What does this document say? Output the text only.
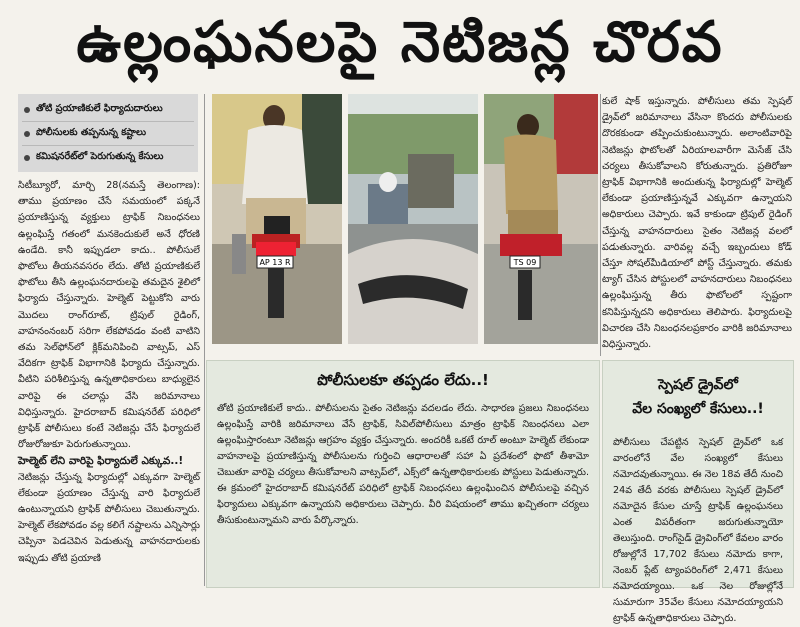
ఉల్లంఘనలపై నెటిజన్ల చొరవ
తోటి ప్రయాణికులే ఫిర్యాదుదారులు
పోలీసులకు తప్పనున్న కష్టాలు
కమిషనరేట్‌లో పెరుగుతున్న కేసులు

సిటీబ్యూరో, మార్చి 28(నమస్తే తెలంగాణ): తాము ప్రయాణం చేసే సమయంలో పక్కనే ప్రయాణిస్తున్న వ్యక్తులు ట్రాఫిక్ నిబంధనలు ఉల్లంఘిస్తే గతంలో మనకెందుకులే అనే ధోరణి ఉండేది. కానీ ఇప్పుడలా కాదు.. పోలీసులే ఫొటోలు తీయనవసరం లేదు. తోటి ప్రయాణికులే ఫొటోలు తీసి ఉల్లంఘనదారులపై తమదైన శైలిలో ఫిర్యాదు చేస్తున్నారు. హెల్మెట్ పెట్టుకోని వారు మొదలు రాంగ్‌రూట్, ట్రిపుల్ రైడింగ్, వాహనంనంబర్ సరిగా లేకపోవడం వంటి వాటిని తమ సెల్‌ఫోన్‌లో క్లిక్‌మనిపించి వాట్సప్, ఎస్ వేదికగా ట్రాఫిక్ విభాగానికి ఫిర్యాదు చేస్తున్నారు. వీటిని పరిశీలిస్తున్న ఉన్నతాధికారులు బాధ్యులైన వారిపై ఈ చలాన్లు వేసి జరిమానాలు విధిస్తున్నారు. హైదరాబాద్ కమిషనరేట్ పరిధిలో ట్రాఫిక్ పోలీసులు కంటే నెటిజన్లు చేసే ఫిర్యాదులే రోజురోజుకూ పెరుగుతున్నాయి.

హెల్మెట్ లేని వారిపై ఫిర్యాదులే ఎక్కువ..!

నెటిజన్లు చేస్తున్న ఫిర్యాదుల్లో ఎక్కువగా హెల్మెట్ లేకుండా ప్రయాణం చేస్తున్న వారి ఫిర్యాదులే ఉంటున్నాయని ట్రాఫిక్ పోలీసులు చెబుతున్నారు. హెల్మెట్ లేకపోవడం వల్ల కలిగే నష్టాలను ఎన్నిసార్లు చెప్పినా పెడచెవిన పెడుతున్న వాహనదారులకు ఇప్పుడు తోటి ప్రయాణి

AP 13 R	TS 09

కులే షాక్ ఇస్తున్నారు. పోలీసులు తమ స్పెషల్ డ్రైవ్‌లో జరిమానాలు వేసినా కొందరు పోలీసులకు దొరకకుండా తప్పించుకుంటున్నారు. అలాంటివారిపై నెటిజన్లు ఫొటోలతో ఏరియాలవారీగా మెసేజ్ చేసి చర్యలు తీసుకోవాలని కోరుతున్నారు. ప్రతిరోజూ ట్రాఫిక్ విభాగానికి అందుతున్న ఫిర్యాదుల్లో హెల్మెట్ లేకుండా ప్రయాణిస్తున్నవే ఎక్కువగా ఉన్నాయని అధికారులు చెప్పారు. ఇవే కాకుండా ట్రిపుల్ రైడింగ్ చేస్తున్న వాహనదారులు సైతం నెటిజన్ల వలలో పడుతున్నారు. వారివల్ల వచ్చే ఇబ్బందులు కోడ్ చేస్తూ సోషల్‌మీడియాలో పోస్ట్ చేస్తున్నారు. తమకు ట్యాగ్ చేసిన పోస్టులలో వాహనదారులు నిబంధనలు ఉల్లంఘిస్తున్న తీరు ఫొటోలలో స్పష్టంగా కనిపిస్తున్నదని అధికారులు తెలిపారు. ఫిర్యాదులపై విచారణ చేసి నిబంధనలప్రకారం వారికి జరిమానాలు విధిస్తున్నారు.

పోలీసులకూ తప్పడం లేదు..!
తోటి ప్రయాణికులే కాదు.. పోలీసులను సైతం నెటిజన్లు వదలడం లేదు. సాధారణ ప్రజలు నిబంధనలు ఉల్లంఘిస్తే వారికి జరిమానాలు వేసే ట్రాఫిక్, సివిల్‌పోలీసులు మాత్రం ట్రాఫిక్ నిబంధనలు ఎలా ఉల్లంఘిస్తారంటూ నెటిజన్లు ఆగ్రహం వ్యక్తం చేస్తున్నారు. అందరికీ ఒకటే రూల్ అంటూ హెల్మెట్ లేకుండా వాహనాలపై ప్రయాణిస్తున్న పోలీసులను గుర్తించి ఆధారాలతో సహా ఏ ప్రదేశంలో ఫొటో తీశామో చెబుతూ వారిపై చర్యలు తీసుకోవాలని వాట్సప్‌లో, ఎక్స్‌లో ఉన్నతాధికారులకు పోస్టులు పెడుతున్నారు. ఈ క్రమంలో హైదరాబాద్ కమిషనరేట్ పరిధిలో ట్రాఫిక్ నిబంధనలు ఉల్లంఘించిన పోలీసులపై వచ్చిన ఫిర్యాదులు ఎక్కువగా ఉన్నాయని అధికారులు చెప్పారు. వీరి విషయంలో తాము ఖచ్చితంగా చర్యలు తీసుకుంటున్నామని వారు పేర్కొన్నారు.
స్పెషల్ డ్రైవ్‌లో
వేల సంఖ్యలో కేసులు..!
పోలీసులు చేపట్టిన స్పెషల్ డ్రైవ్‌లో ఒక వారంలోనే వేల సంఖ్యలో కేసులు నమోదవుతున్నాయి. ఈ నెల 18వ తేదీ నుంచి 24వ తేదీ వరకు పోలీసులు స్పెషల్ డ్రైవ్‌లో నమోదైన కేసుల చూస్తే ట్రాఫిక్ ఉల్లంఘనలు ఎంత విపరీతంగా జరుగుతున్నాయో తెలుస్తుంది. రాంగ్‌సైడ్ డ్రైవింగ్‌లో కేవలం వారం రోజుల్లోనే 17,702 కేసులు నమోదు కాగా, నెంబర్ ప్లేట్ ట్యాంపరింగ్‌లో 2,471 కేసులు నమోదయ్యాయి. ఒక నెల రోజుల్లోనే సుమారుగా 35వేల కేసులు నమోదయ్యాయని ట్రాఫిక్ ఉన్నతాధికారులు చెప్పారు.
